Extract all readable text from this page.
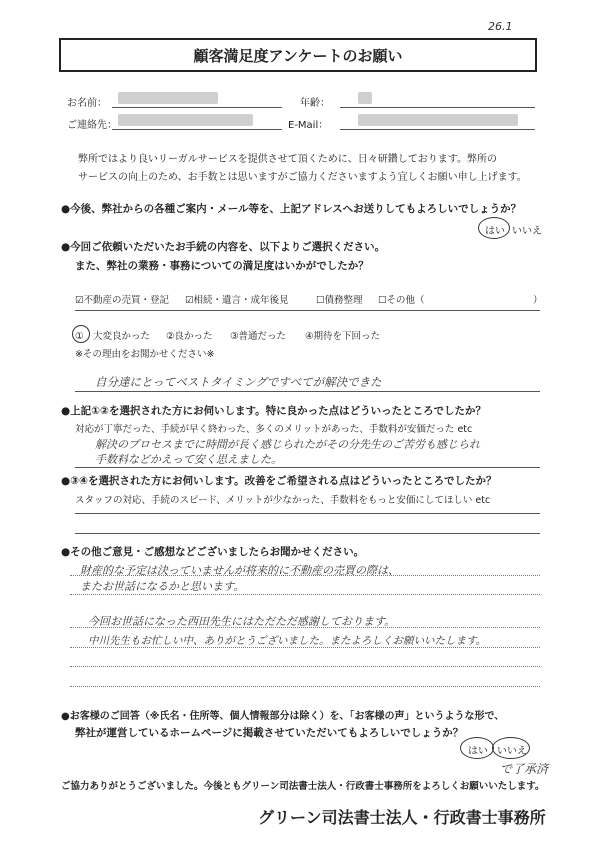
26.1
顧客満足度アンケートのお願い
お名前：	年齢：
ご連絡先：	E-Mail：
弊所ではより良いリーガルサービスを提供させて頂くために、日々研鑽しております。弊所の
サービスの向上のため、お手数とは思いますがご協力くださいますよう宜しくお願い申し上げます。
●今後、弊社からの各種ご案内・メール等を、上記アドレスへお送りしてもよろしいでしょうか？
はい いいえ
●今回ご依頼いただいたお手続の内容を、以下よりご選択ください。
また、弊社の業務・事務についての満足度はいかがでしたか？
☑不動産の売買・登記 ☑相続・遺言・成年後見	☐債務整理 ☐その他（	）
①　大変良かった ②良かった ③普通だった ④期待を下回った
※その理由をお聞かせください※
自分達にとってベストタイミングですべてが解決できた
●上記①②を選択された方にお伺いします。特に良かった点はどういったところでしたか？
対応が丁寧だった、手続が早く終わった、多くのメリットがあった、手数料が安価だった etc
解決のプロセスまでに時間が長く感じられたがその分先生のご苦労も感じられ
手数料などかえって安く思えました。
●③④を選択された方にお伺いします。改善をご希望される点はどういったところでしたか？
スタッフの対応、手続のスピード、メリットが少なかった、手数料をもっと安価にしてほしい etc
●その他ご意見・ご感想などございましたらお聞かせください。
財産的な予定は決っていませんが将来的に不動産の売買の際は、
またお世話になるかと思います。
今回お世話になった西田先生にはただただ感謝しております。
中川先生もお忙しい中、ありがとうございました。またよろしくお願いいたします。
●お客様のご回答（※氏名・住所等、個人情報部分は除く）を、「お客様の声」というような形で、
弊社が運営しているホームページに掲載させていただいてもよろしいでしょうか？
はい いいえ
で了承済
ご協力ありがとうございました。今後ともグリーン司法書士法人・行政書士事務所をよろしくお願いいたします。
グリーン司法書士法人・行政書士事務所
